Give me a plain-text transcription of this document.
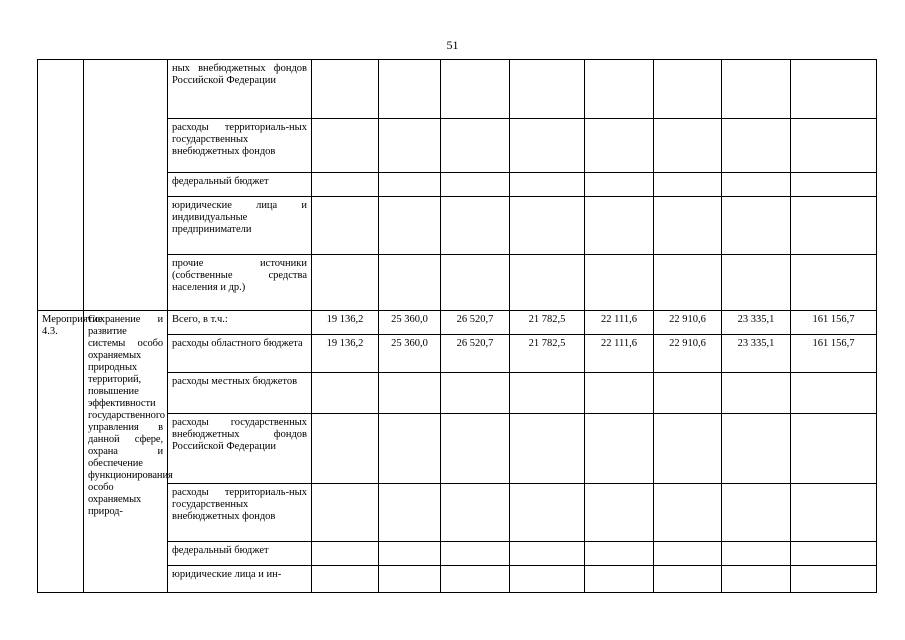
51
		ных внебюджетных фондов Российской Федерации								
		расходы территориаль-ных государственных внебюджетных фондов								
		федеральный бюджет								
		юридические лица и индивидуальные предприниматели								
		прочие источники (собственные средства населения и др.)								
Мероприятие 4.3.	Сохранение и развитие системы особо охраняемых природных территорий, повышение эффективности государственного управления в данной сфере, охрана и обеспечение функционирования особо охраняемых природ-	Всего, в т.ч.:	19 136,2	25 360,0	26 520,7	21 782,5	22 111,6	22 910,6	23 335,1	161 156,7
		расходы областного бюджета	19 136,2	25 360,0	26 520,7	21 782,5	22 111,6	22 910,6	23 335,1	161 156,7
		расходы местных бюджетов								
		расходы государственных внебюджетных фондов Российской Федерации								
		расходы территориаль-ных государственных внебюджетных фондов								
		федеральный бюджет								
		юридические лица и ин-								
